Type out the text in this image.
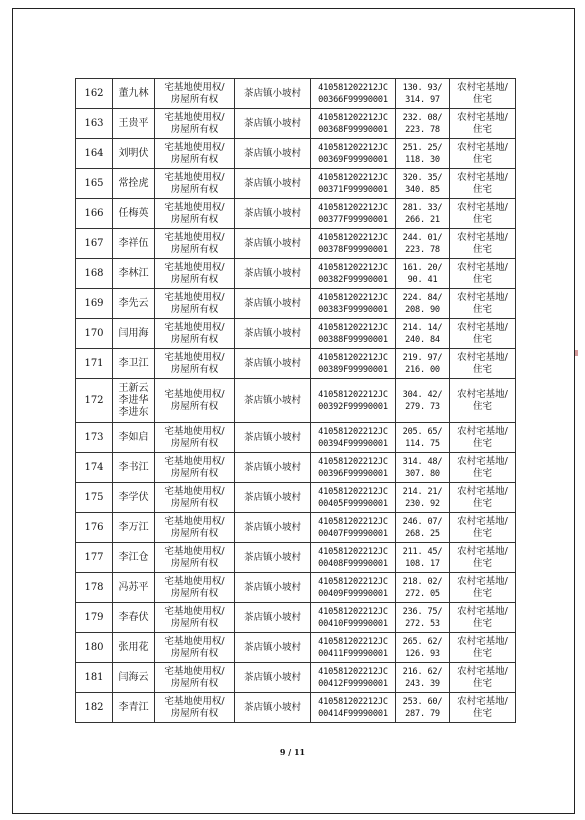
162	董九林	宅基地使用权/
房屋所有权	茶店镇小坡村	410581202212JC
00366F99990001	130. 93/
314. 97	农村宅基地/
住宅

163	王贵平	宅基地使用权/
房屋所有权	茶店镇小坡村	410581202212JC
00368F99990001	232. 08/
223. 78	农村宅基地/
住宅

164	刘明伏	宅基地使用权/
房屋所有权	茶店镇小坡村	410581202212JC
00369F99990001	251. 25/
118. 30	农村宅基地/
住宅

165	常拴虎	宅基地使用权/
房屋所有权	茶店镇小坡村	410581202212JC
00371F99990001	320. 35/
340. 85	农村宅基地/
住宅

166	任梅英	宅基地使用权/
房屋所有权	茶店镇小坡村	410581202212JC
00377F99990001	281. 33/
266. 21	农村宅基地/
住宅

167	李祥伍	宅基地使用权/
房屋所有权	茶店镇小坡村	410581202212JC
00378F99990001	244. 01/
223. 78	农村宅基地/
住宅

168	李林江	宅基地使用权/
房屋所有权	茶店镇小坡村	410581202212JC
00382F99990001	161. 20/
90. 41	农村宅基地/
住宅

169	李先云	宅基地使用权/
房屋所有权	茶店镇小坡村	410581202212JC
00383F99990001	224. 84/
208. 90	农村宅基地/
住宅

170	闫用海	宅基地使用权/
房屋所有权	茶店镇小坡村	410581202212JC
00388F99990001	214. 14/
240. 84	农村宅基地/
住宅

171	李卫江	宅基地使用权/
房屋所有权	茶店镇小坡村	410581202212JC
00389F99990001	219. 97/
216. 00	农村宅基地/
住宅

172	王新云
李进华
李进东	宅基地使用权/
房屋所有权	茶店镇小坡村	410581202212JC
00392F99990001	304. 42/
279. 73	农村宅基地/
住宅

173	李如启	宅基地使用权/
房屋所有权	茶店镇小坡村	410581202212JC
00394F99990001	205. 65/
114. 75	农村宅基地/
住宅

174	李书江	宅基地使用权/
房屋所有权	茶店镇小坡村	410581202212JC
00396F99990001	314. 48/
307. 80	农村宅基地/
住宅

175	李学伏	宅基地使用权/
房屋所有权	茶店镇小坡村	410581202212JC
00405F99990001	214. 21/
230. 92	农村宅基地/
住宅

176	李万江	宅基地使用权/
房屋所有权	茶店镇小坡村	410581202212JC
00407F99990001	246. 07/
268. 25	农村宅基地/
住宅

177	李江仓	宅基地使用权/
房屋所有权	茶店镇小坡村	410581202212JC
00408F99990001	211. 45/
108. 17	农村宅基地/
住宅

178	冯苏平	宅基地使用权/
房屋所有权	茶店镇小坡村	410581202212JC
00409F99990001	218. 02/
272. 05	农村宅基地/
住宅

179	李春伏	宅基地使用权/
房屋所有权	茶店镇小坡村	410581202212JC
00410F99990001	236. 75/
272. 53	农村宅基地/
住宅

180	张用花	宅基地使用权/
房屋所有权	茶店镇小坡村	410581202212JC
00411F99990001	265. 62/
126. 93	农村宅基地/
住宅

181	闫海云	宅基地使用权/
房屋所有权	茶店镇小坡村	410581202212JC
00412F99990001	216. 62/
243. 39	农村宅基地/
住宅

182	李青江	宅基地使用权/
房屋所有权	茶店镇小坡村	410581202212JC
00414F99990001	253. 60/
287. 79	农村宅基地/
住宅
9 / 11
